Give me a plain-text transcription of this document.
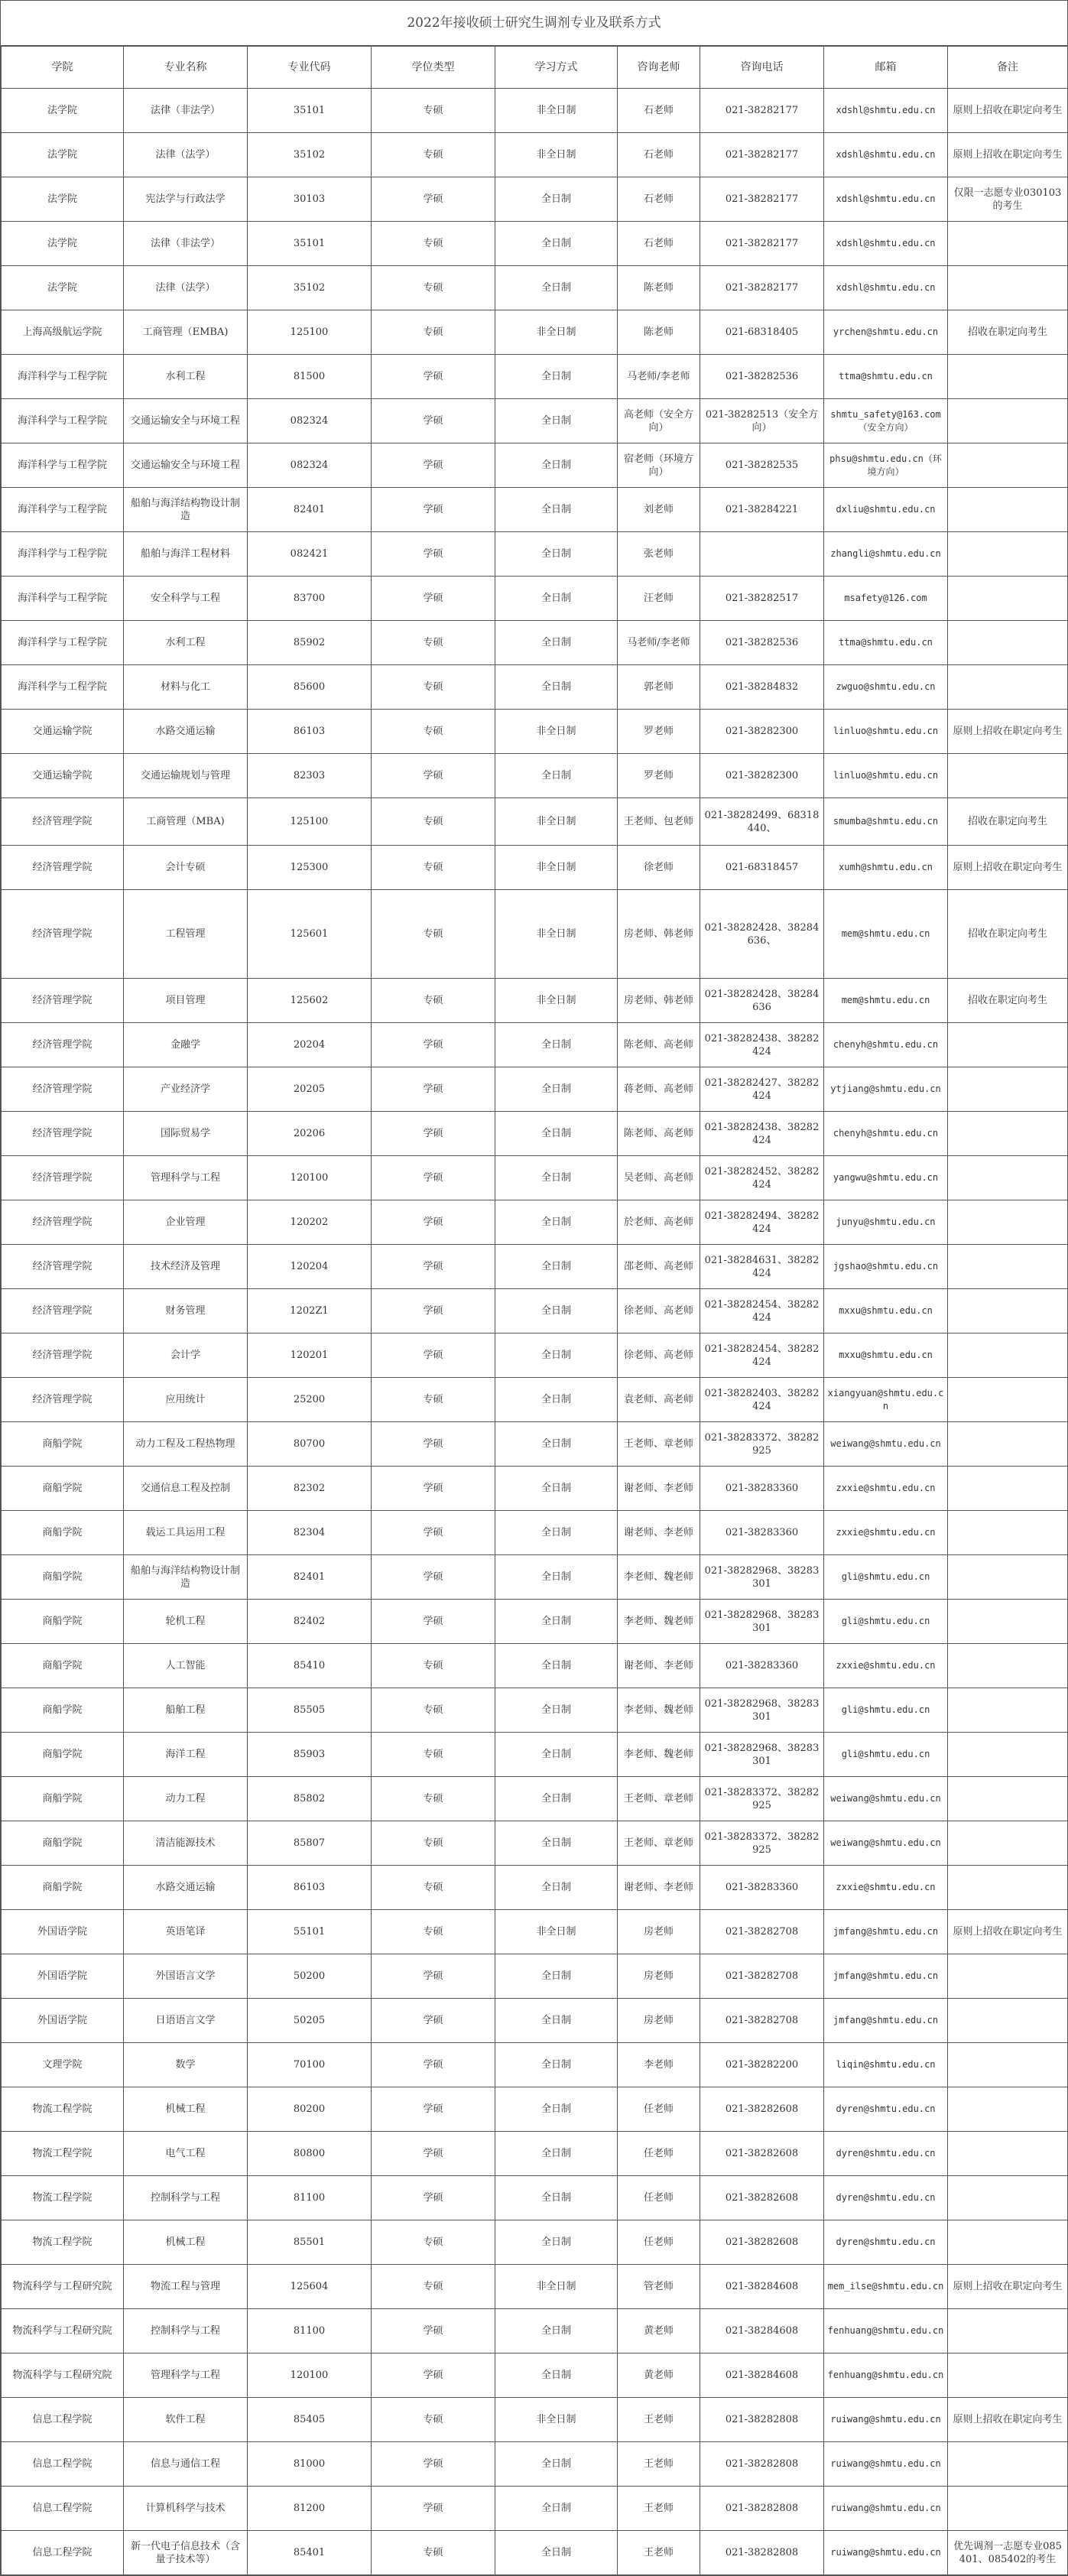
2022年接收硕士研究生调剂专业及联系方式
学院	专业名称	专业代码	学位类型	学习方式	咨询老师	咨询电话	邮箱	备注
法学院	法律（非法学）	35101	专硕	非全日制	石老师	021-38282177	xdshl@shmtu.edu.cn	原则上招收在职定向考生
法学院	法律（法学）	35102	专硕	非全日制	石老师	021-38282177	xdshl@shmtu.edu.cn	原则上招收在职定向考生
法学院	宪法学与行政法学	30103	学硕	全日制	石老师	021-38282177	xdshl@shmtu.edu.cn	仅限一志愿专业030103的考生
法学院	法律（非法学）	35101	专硕	全日制	石老师	021-38282177	xdshl@shmtu.edu.cn	
法学院	法律（法学）	35102	专硕	全日制	陈老师	021-38282177	xdshl@shmtu.edu.cn	
上海高级航运学院	工商管理（EMBA)	125100	专硕	非全日制	陈老师	021-68318405	yrchen@shmtu.edu.cn	招收在职定向考生
海洋科学与工程学院	水利工程	81500	学硕	全日制	马老师/李老师	021-38282536	ttma@shmtu.edu.cn	
海洋科学与工程学院	交通运输安全与环境工程	082324	学硕	全日制	高老师（安全方向）	021-38282513（安全方向）	shmtu_safety@163.com（安全方向）	
海洋科学与工程学院	交通运输安全与环境工程	082324	学硕	全日制	宿老师（环境方向）	021-38282535	phsu@shmtu.edu.cn（环境方向）	
海洋科学与工程学院	船舶与海洋结构物设计制造	82401	学硕	全日制	刘老师	021-38284221	dxliu@shmtu.edu.cn	
海洋科学与工程学院	船舶与海洋工程材料	082421	学硕	全日制	张老师		zhangli@shmtu.edu.cn	
海洋科学与工程学院	安全科学与工程	83700	学硕	全日制	汪老师	021-38282517	msafety@126.com	
海洋科学与工程学院	水利工程	85902	专硕	全日制	马老师/李老师	021-38282536	ttma@shmtu.edu.cn	
海洋科学与工程学院	材料与化工	85600	专硕	全日制	郭老师	021-38284832	zwguo@shmtu.edu.cn	
交通运输学院	水路交通运输	86103	专硕	非全日制	罗老师	021-38282300	linluo@shmtu.edu.cn	原则上招收在职定向考生
交通运输学院	交通运输规划与管理	82303	学硕	全日制	罗老师	021-38282300	linluo@shmtu.edu.cn	
经济管理学院	工商管理（MBA)	125100	专硕	非全日制	王老师、包老师	021-38282499、68318440、	smumba@shmtu.edu.cn	招收在职定向考生
经济管理学院	会计专硕	125300	专硕	非全日制	徐老师	021-68318457	xumh@shmtu.edu.cn	原则上招收在职定向考生
经济管理学院	工程管理	125601	专硕	非全日制	房老师、韩老师	021-38282428、38284636、	mem@shmtu.edu.cn	招收在职定向考生
经济管理学院	项目管理	125602	专硕	非全日制	房老师、韩老师	021-38282428、38284636	mem@shmtu.edu.cn	招收在职定向考生
经济管理学院	金融学	20204	学硕	全日制	陈老师、高老师	021-38282438、38282424	chenyh@shmtu.edu.cn	
经济管理学院	产业经济学	20205	学硕	全日制	蒋老师、高老师	021-38282427、38282424	ytjiang@shmtu.edu.cn	
经济管理学院	国际贸易学	20206	学硕	全日制	陈老师、高老师	021-38282438、38282424	chenyh@shmtu.edu.cn	
经济管理学院	管理科学与工程	120100	学硕	全日制	吴老师、高老师	021-38282452、38282424	yangwu@shmtu.edu.cn	
经济管理学院	企业管理	120202	学硕	全日制	於老师、高老师	021-38282494、38282424	junyu@shmtu.edu.cn	
经济管理学院	技术经济及管理	120204	学硕	全日制	邵老师、高老师	021-38284631、38282424	jgshao@shmtu.edu.cn	
经济管理学院	财务管理	1202Z1	学硕	全日制	徐老师、高老师	021-38282454、38282424	mxxu@shmtu.edu.cn	
经济管理学院	会计学	120201	学硕	全日制	徐老师、高老师	021-38282454、38282424	mxxu@shmtu.edu.cn	
经济管理学院	应用统计	25200	专硕	全日制	袁老师、高老师	021-38282403、38282424	xiangyuan@shmtu.edu.cn	
商船学院	动力工程及工程热物理	80700	学硕	全日制	王老师、章老师	021-38283372、38282925	weiwang@shmtu.edu.cn	
商船学院	交通信息工程及控制	82302	学硕	全日制	谢老师、李老师	021-38283360	zxxie@shmtu.edu.cn	
商船学院	载运工具运用工程	82304	学硕	全日制	谢老师、李老师	021-38283360	zxxie@shmtu.edu.cn	
商船学院	船舶与海洋结构物设计制造	82401	学硕	全日制	李老师、魏老师	021-38282968、38283301	gli@shmtu.edu.cn	
商船学院	轮机工程	82402	学硕	全日制	李老师、魏老师	021-38282968、38283301	gli@shmtu.edu.cn	
商船学院	人工智能	85410	专硕	全日制	谢老师、李老师	021-38283360	zxxie@shmtu.edu.cn	
商船学院	船舶工程	85505	专硕	全日制	李老师、魏老师	021-38282968、38283301	gli@shmtu.edu.cn	
商船学院	海洋工程	85903	专硕	全日制	李老师、魏老师	021-38282968、38283301	gli@shmtu.edu.cn	
商船学院	动力工程	85802	专硕	全日制	王老师、章老师	021-38283372、38282925	weiwang@shmtu.edu.cn	
商船学院	清洁能源技术	85807	专硕	全日制	王老师、章老师	021-38283372、38282925	weiwang@shmtu.edu.cn	
商船学院	水路交通运输	86103	专硕	全日制	谢老师、李老师	021-38283360	zxxie@shmtu.edu.cn	
外国语学院	英语笔译	55101	专硕	非全日制	房老师	021-38282708	jmfang@shmtu.edu.cn	原则上招收在职定向考生
外国语学院	外国语言文学	50200	学硕	全日制	房老师	021-38282708	jmfang@shmtu.edu.cn	
外国语学院	日语语言文学	50205	学硕	全日制	房老师	021-38282708	jmfang@shmtu.edu.cn	
文理学院	数学	70100	学硕	全日制	李老师	021-38282200	liqin@shmtu.edu.cn	
物流工程学院	机械工程	80200	学硕	全日制	任老师	021-38282608	dyren@shmtu.edu.cn	
物流工程学院	电气工程	80800	学硕	全日制	任老师	021-38282608	dyren@shmtu.edu.cn	
物流工程学院	控制科学与工程	81100	学硕	全日制	任老师	021-38282608	dyren@shmtu.edu.cn	
物流工程学院	机械工程	85501	专硕	全日制	任老师	021-38282608	dyren@shmtu.edu.cn	
物流科学与工程研究院	物流工程与管理	125604	专硕	非全日制	管老师	021-38284608	mem_ilse@shmtu.edu.cn	原则上招收在职定向考生
物流科学与工程研究院	控制科学与工程	81100	学硕	全日制	黄老师	021-38284608	fenhuang@shmtu.edu.cn	
物流科学与工程研究院	管理科学与工程	120100	学硕	全日制	黄老师	021-38284608	fenhuang@shmtu.edu.cn	
信息工程学院	软件工程	85405	专硕	非全日制	王老师	021-38282808	ruiwang@shmtu.edu.cn	原则上招收在职定向考生
信息工程学院	信息与通信工程	81000	学硕	全日制	王老师	021-38282808	ruiwang@shmtu.edu.cn	
信息工程学院	计算机科学与技术	81200	学硕	全日制	王老师	021-38282808	ruiwang@shmtu.edu.cn	
信息工程学院	新一代电子信息技术（含量子技术等）	85401	专硕	全日制	王老师	021-38282808	ruiwang@shmtu.edu.cn	优先调剂一志愿专业085401、085402的考生
